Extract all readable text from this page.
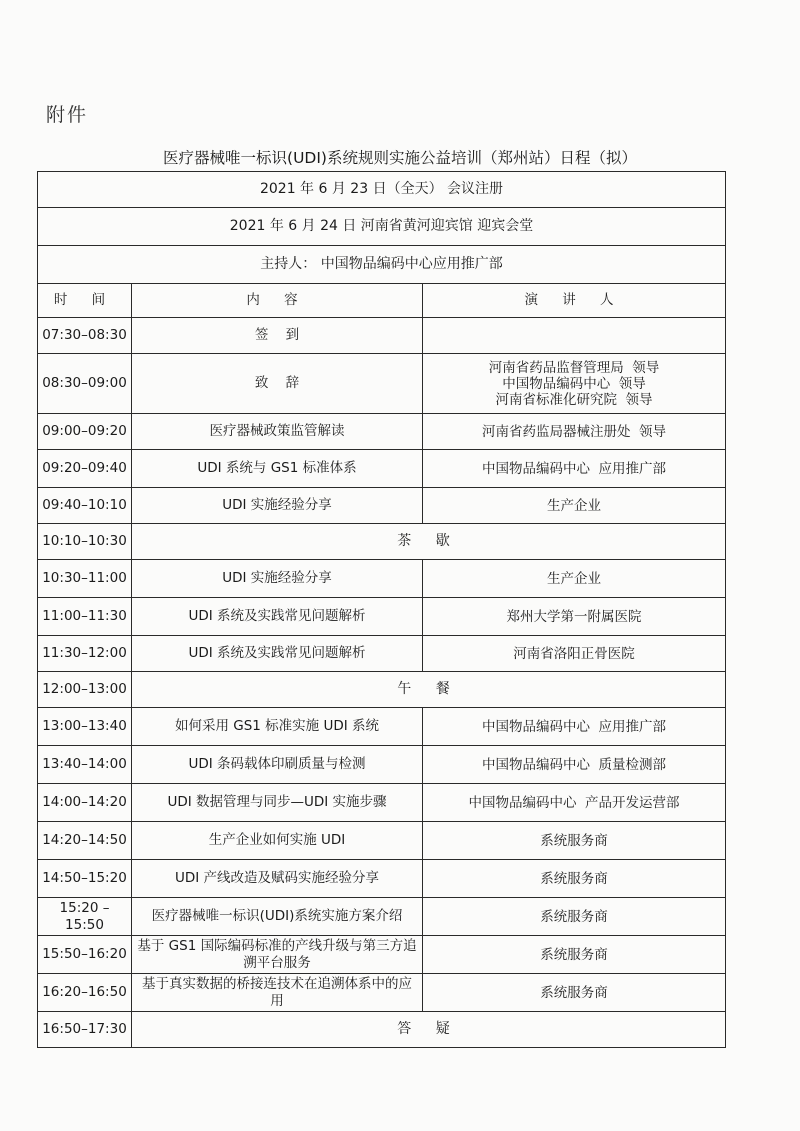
附件
医疗器械唯一标识(UDI)系统规则实施公益培训（郑州站）日程（拟）
2021 年 6 月 23 日（全天） 会议注册		
2021 年 6 月 24 日 河南省黄河迎宾馆 迎宾会堂		
主持人： 中国物品编码中心应用推广部		
时 间	内 容	演 讲 人
07:30–08:30	签    到	

08:30–09:00	致    辞	河南省药品监督管理局  领导
中国物品编码中心  领导
河南省标准化研究院  领导

09:00–09:20	医疗器械政策监管解读	河南省药监局器械注册处  领导

09:20–09:40	UDI 系统与 GS1 标准体系	中国物品编码中心  应用推广部

09:40–10:10	UDI 实施经验分享	生产企业

10:10–10:30	茶 歇	
10:30–11:00	UDI 实施经验分享	生产企业

11:00–11:30	UDI 系统及实践常见问题解析	郑州大学第一附属医院

11:30–12:00	UDI 系统及实践常见问题解析	河南省洛阳正骨医院

12:00–13:00	午 餐	
13:00–13:40	如何采用 GS1 标准实施 UDI 系统	中国物品编码中心  应用推广部

13:40–14:00	UDI 条码载体印刷质量与检测	中国物品编码中心  质量检测部

14:00–14:20	UDI 数据管理与同步—UDI 实施步骤	中国物品编码中心  产品开发运营部

14:20–14:50	生产企业如何实施 UDI	系统服务商

14:50–15:20	UDI 产线改造及赋码实施经验分享	系统服务商

15:20 –15:50	医疗器械唯一标识(UDI)系统实施方案介绍	系统服务商

15:50–16:20	基于 GS1 国际编码标准的产线升级与第三方追溯平台服务	系统服务商

16:20–16:50	基于真实数据的桥接连技术在追溯体系中的应用	系统服务商

16:50–17:30	答 疑	
